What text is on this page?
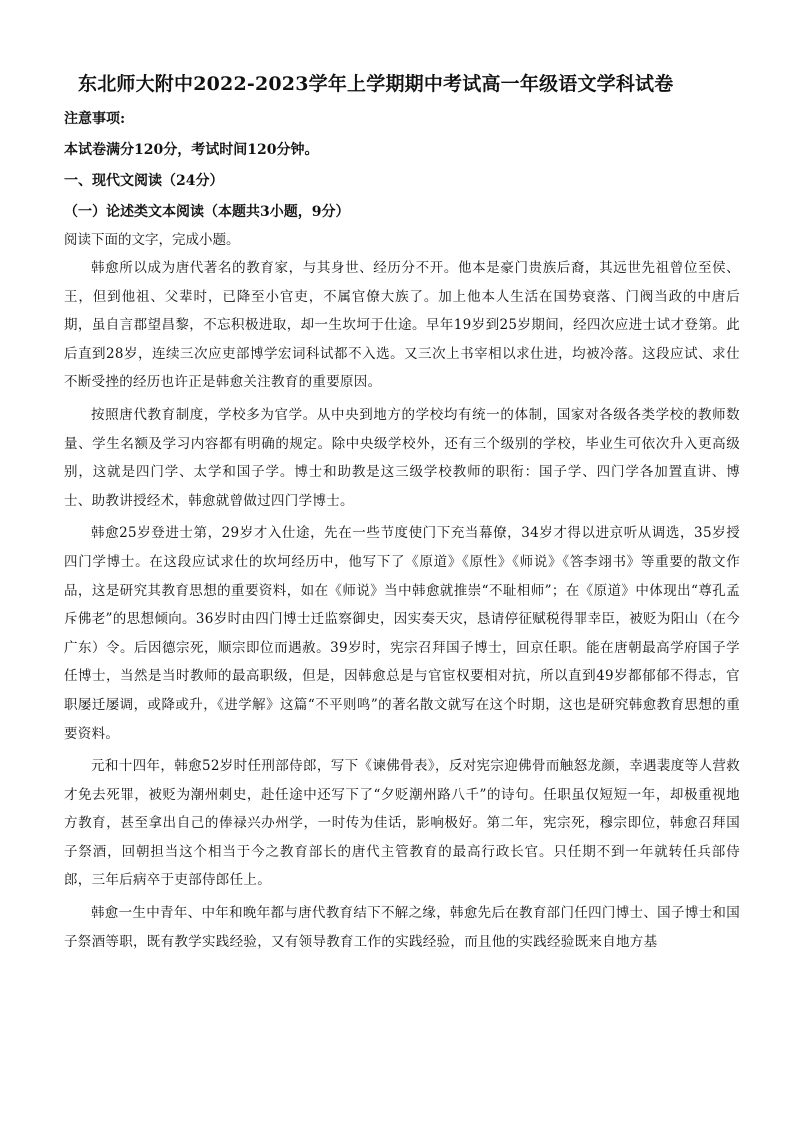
东北师大附中2022-2023学年上学期期中考试高一年级语文学科试卷

注意事项:

本试卷满分120分，考试时间120分钟。

一、现代文阅读（24分）

（一）论述类文本阅读（本题共3小题，9分）

阅读下面的文字，完成小题。

韩愈所以成为唐代著名的教育家，与其身世、经历分不开。他本是豪门贵族后裔，其远世先祖曾位至侯、王，但到他祖、父辈时，已降至小官吏，不属官僚大族了。加上他本人生活在国势衰落、门阀当政的中唐后期，虽自言郡望昌黎，不忘积极进取，却一生坎坷于仕途。早年19岁到25岁期间，经四次应进士试才登第。此后直到28岁，连续三次应吏部博学宏词科试都不入选。又三次上书宰相以求仕进，均被冷落。这段应试、求仕不断受挫的经历也许正是韩愈关注教育的重要原因。

按照唐代教育制度，学校多为官学。从中央到地方的学校均有统一的体制，国家对各级各类学校的教师数量、学生名额及学习内容都有明确的规定。除中央级学校外，还有三个级别的学校，毕业生可依次升入更高级别，这就是四门学、太学和国子学。博士和助教是这三级学校教师的职衔：国子学、四门学各加置直讲、博士、助教讲授经术，韩愈就曾做过四门学博士。

韩愈25岁登进士第，29岁才入仕途，先在一些节度使门下充当幕僚，34岁才得以进京听从调选，35岁授四门学博士。在这段应试求仕的坎坷经历中，他写下了《原道》《原性》《师说》《答李翊书》等重要的散文作品，这是研究其教育思想的重要资料，如在《师说》当中韩愈就推崇“不耻相师”；在《原道》中体现出“尊孔孟斥佛老”的思想倾向。36岁时由四门博士迁监察御史，因实奏天灾，恳请停征赋税得罪幸臣，被贬为阳山（在今广东）令。后因德宗死，顺宗即位而遇赦。39岁时，宪宗召拜国子博士，回京任职。能在唐朝最高学府国子学任博士，当然是当时教师的最高职级，但是，因韩愈总是与官宦权要相对抗，所以直到49岁都郁郁不得志，官职屡迁屡调，或降或升，《进学解》这篇“不平则鸣”的著名散文就写在这个时期，这也是研究韩愈教育思想的重要资料。

元和十四年，韩愈52岁时任刑部侍郎，写下《谏佛骨表》，反对宪宗迎佛骨而触怒龙颜，幸遇裴度等人营救才免去死罪，被贬为潮州刺史，赴任途中还写下了“夕贬潮州路八千”的诗句。任职虽仅短短一年，却极重视地方教育，甚至拿出自己的俸禄兴办州学，一时传为佳话，影响极好。第二年，宪宗死，穆宗即位，韩愈召拜国子祭酒，回朝担当这个相当于今之教育部长的唐代主管教育的最高行政长官。只任期不到一年就转任兵部侍郎，三年后病卒于吏部侍郎任上。

韩愈一生中青年、中年和晚年都与唐代教育结下不解之缘，韩愈先后在教育部门任四门博士、国子博士和国子祭酒等职，既有教学实践经验，又有领导教育工作的实践经验，而且他的实践经验既来自地方基
